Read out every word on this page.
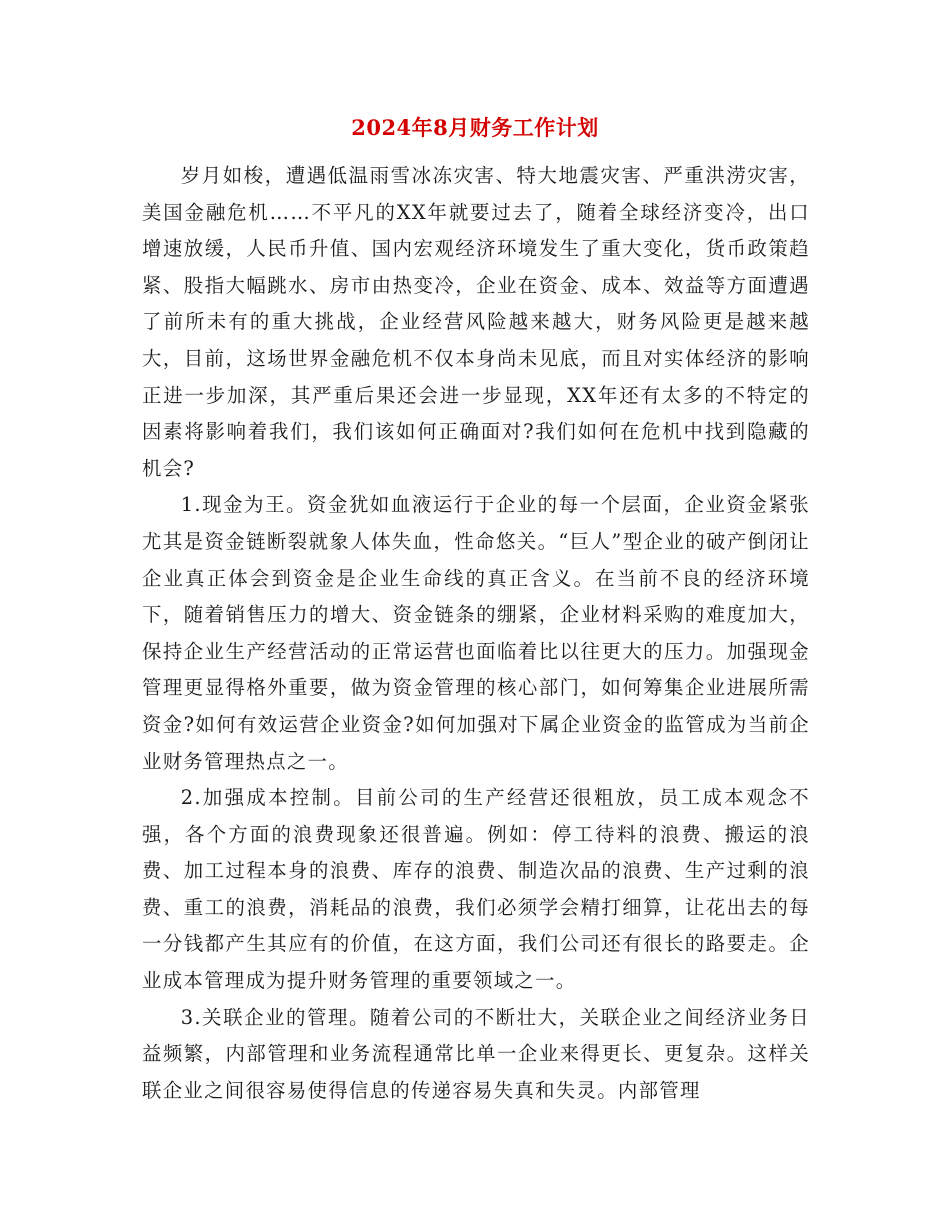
2024年8月财务工作计划

岁月如梭，遭遇低温雨雪冰冻灾害、特大地震灾害、严重洪涝灾害，美国金融危机……不平凡的XX年就要过去了，随着全球经济变冷，出口增速放缓，人民币升值、国内宏观经济环境发生了重大变化，货币政策趋紧、股指大幅跳水、房市由热变冷，企业在资金、成本、效益等方面遭遇了前所未有的重大挑战，企业经营风险越来越大，财务风险更是越来越大，目前，这场世界金融危机不仅本身尚未见底，而且对实体经济的影响正进一步加深，其严重后果还会进一步显现，XX年还有太多的不特定的因素将影响着我们，我们该如何正确面对?我们如何在危机中找到隐藏的机会?

1.现金为王。资金犹如血液运行于企业的每一个层面，企业资金紧张尤其是资金链断裂就象人体失血，性命悠关。“巨人”型企业的破产倒闭让企业真正体会到资金是企业生命线的真正含义。在当前不良的经济环境下，随着销售压力的增大、资金链条的绷紧，企业材料采购的难度加大，保持企业生产经营活动的正常运营也面临着比以往更大的压力。加强现金管理更显得格外重要，做为资金管理的核心部门，如何筹集企业进展所需资金?如何有效运营企业资金?如何加强对下属企业资金的监管成为当前企业财务管理热点之一。

2.加强成本控制。目前公司的生产经营还很粗放，员工成本观念不强，各个方面的浪费现象还很普遍。例如：停工待料的浪费、搬运的浪费、加工过程本身的浪费、库存的浪费、制造次品的浪费、生产过剩的浪费、重工的浪费，消耗品的浪费，我们必须学会精打细算，让花出去的每一分钱都产生其应有的价值，在这方面，我们公司还有很长的路要走。企业成本管理成为提升财务管理的重要领域之一。

3.关联企业的管理。随着公司的不断壮大，关联企业之间经济业务日益频繁，内部管理和业务流程通常比单一企业来得更长、更复杂。这样关联企业之间很容易使得信息的传递容易失真和失灵。内部管理
